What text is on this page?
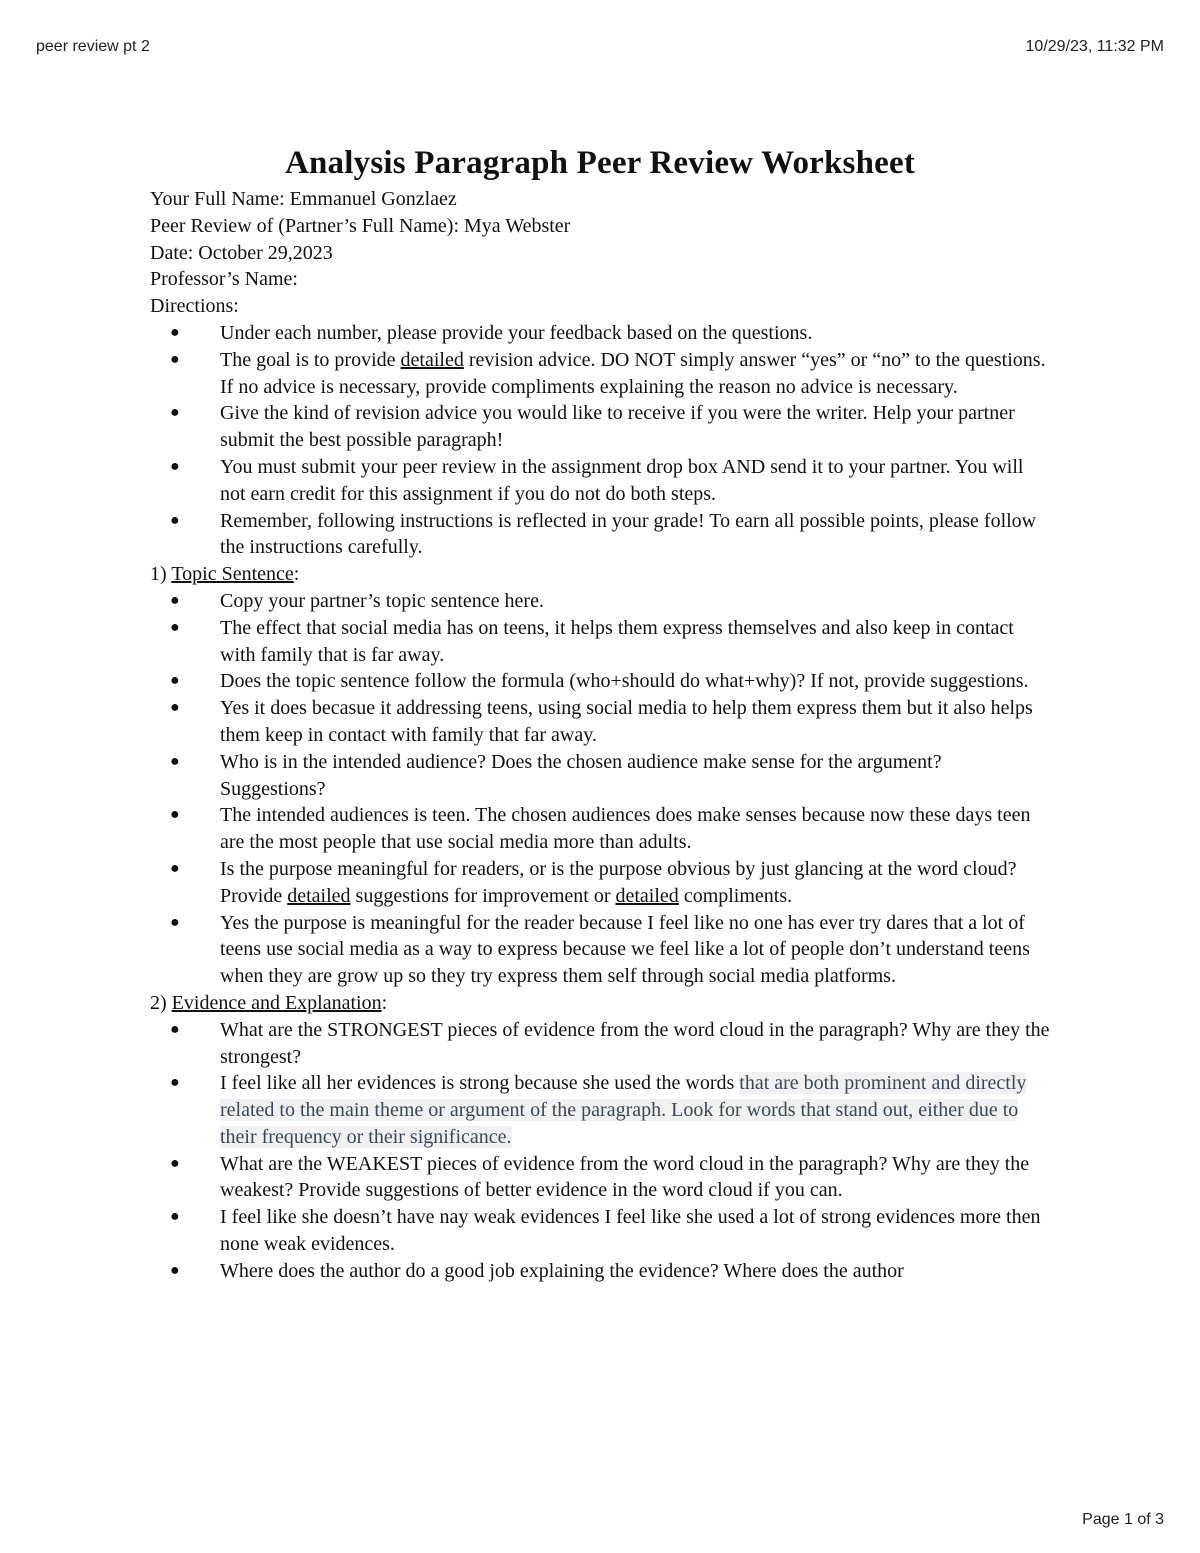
peer review pt 2	10/29/23, 11:32 PM

Analysis Paragraph Peer Review Worksheet

Your Full Name: Emmanuel Gonzlaez

Peer Review of (Partner’s Full Name): Mya Webster

Date: October 29,2023

Professor’s Name:

Directions:

● Under each number, please provide your feedback based on the questions.
● The goal is to provide detailed revision advice. DO NOT simply answer “yes” or “no” to the questions. If no advice is necessary, provide compliments explaining the reason no advice is necessary.
● Give the kind of revision advice you would like to receive if you were the writer. Help your partner submit the best possible paragraph!
● You must submit your peer review in the assignment drop box AND send it to your partner. You will not earn credit for this assignment if you do not do both steps.
● Remember, following instructions is reflected in your grade! To earn all possible points, please follow the instructions carefully.

1) Topic Sentence:

● Copy your partner’s topic sentence here.
● The effect that social media has on teens, it helps them express themselves and also keep in contact with family that is far away.
● Does the topic sentence follow the formula (who+should do what+why)? If not, provide suggestions.
● Yes it does becasue it addressing teens, using social media to help them express them but it also helps them keep in contact with family that far away.
● Who is in the intended audience? Does the chosen audience make sense for the argument? Suggestions?
● The intended audiences is teen. The chosen audiences does make senses because now these days teen are the most people that use social media more than adults.
● Is the purpose meaningful for readers, or is the purpose obvious by just glancing at the word cloud? Provide detailed suggestions for improvement or detailed compliments.
● Yes the purpose is meaningful for the reader because I feel like no one has ever try dares that a lot of teens use social media as a way to express because we feel like a lot of people don’t understand teens when they are grow up so they try express them self through social media platforms.

2) Evidence and Explanation:

● What are the STRONGEST pieces of evidence from the word cloud in the paragraph? Why are they the strongest?
● I feel like all her evidences is strong because she used the words that are both prominent and directly related to the main theme or argument of the paragraph. Look for words that stand out, either due to their frequency or their significance.
● What are the WEAKEST pieces of evidence from the word cloud in the paragraph? Why are they the weakest? Provide suggestions of better evidence in the word cloud if you can.
● I feel like she doesn’t have nay weak evidences I feel like she used a lot of strong evidences more then none weak evidences.
● Where does the author do a good job explaining the evidence? Where does the author
Page 1 of 3
